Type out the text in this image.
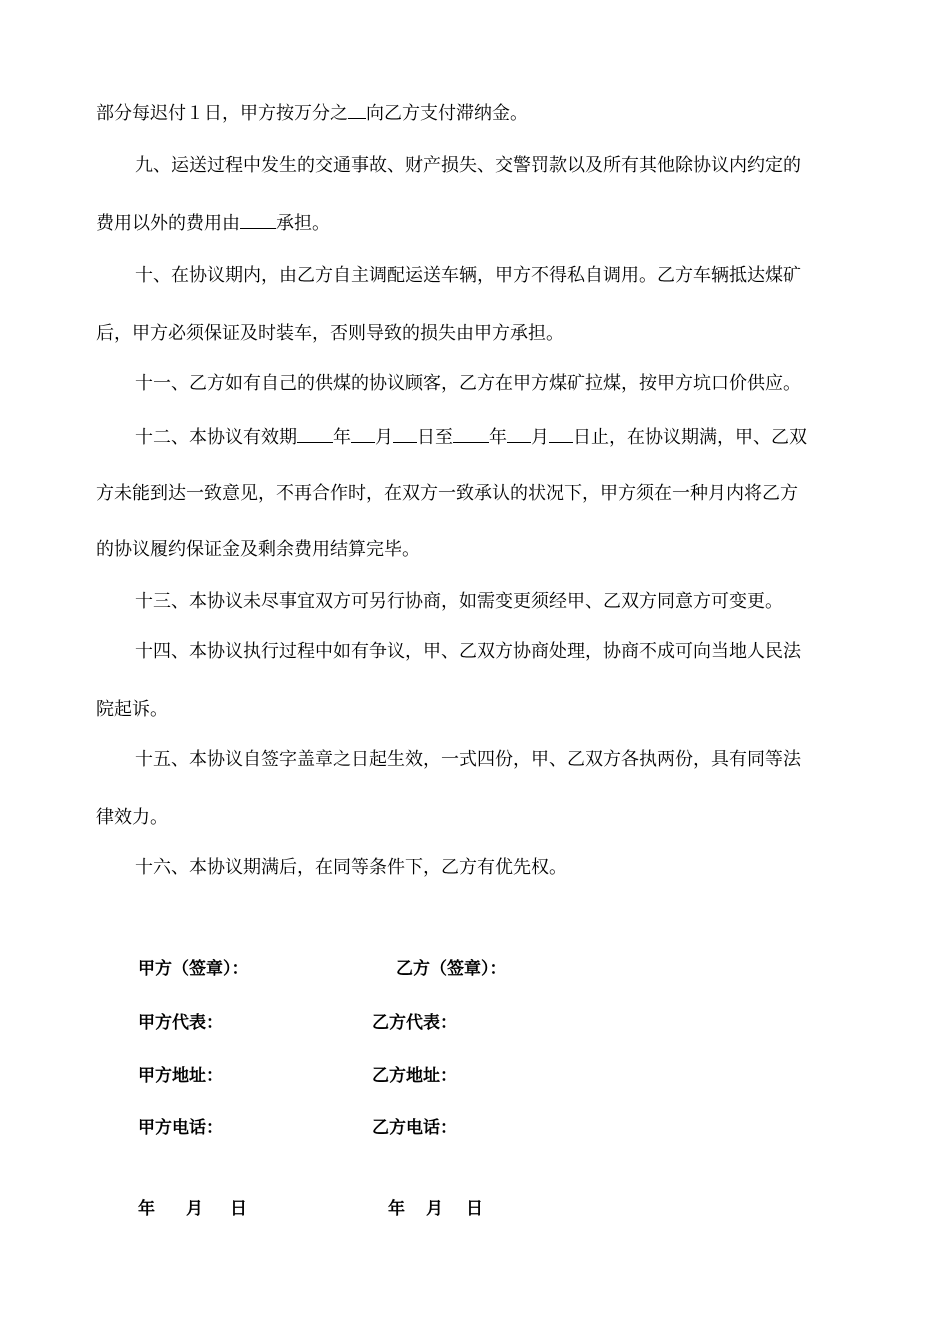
部分每迟付１日，甲方按万分之 向乙方支付滞纳金。
九、运送过程中发生的交通事故、财产损失、交警罚款以及所有其他除协议内约定的
费用以外的费用由 承担。
十、在协议期内，由乙方自主调配运送车辆，甲方不得私自调用。乙方车辆抵达煤矿
后，甲方必须保证及时装车，否则导致的损失由甲方承担。
十一、乙方如有自己的供煤的协议顾客，乙方在甲方煤矿拉煤，按甲方坑口价供应。
十二、本协议有效期 年 月 日至 年 月 日止，在协议期满，甲、乙双
方未能到达一致意见，不再合作时，在双方一致承认的状况下，甲方须在一种月内将乙方
的协议履约保证金及剩余费用结算完毕。
十三、本协议未尽事宜双方可另行协商，如需变更须经甲、乙双方同意方可变更。
十四、本协议执行过程中如有争议，甲、乙双方协商处理，协商不成可向当地人民法
院起诉。
十五、本协议自签字盖章之日起生效，一式四份，甲、乙双方各执两份，具有同等法
律效力。
十六、本协议期满后，在同等条件下，乙方有优先权。
甲方（签章）：	乙方（签章）：
甲方代表：	乙方代表：
甲方地址：	乙方地址：
甲方电话：	乙方电话：
年 月 日	年 月 日
